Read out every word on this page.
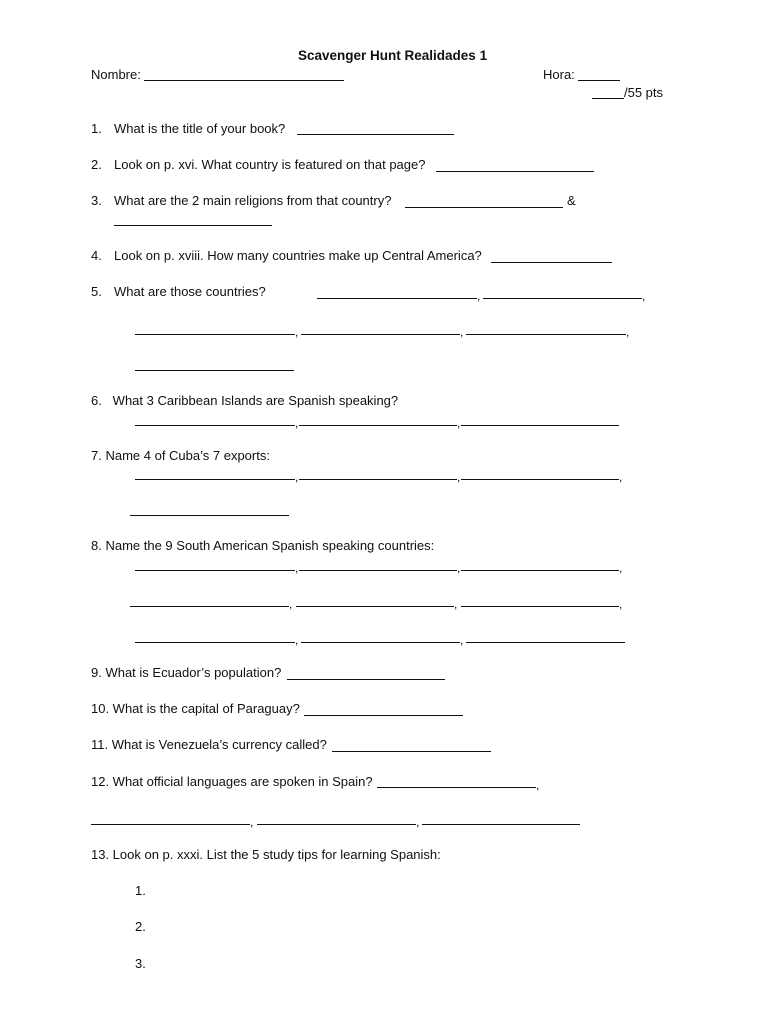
Scavenger Hunt Realidades 1
Nombre:	Hora:
/55 pts
1. What is the title of your book?
2. Look on p. xvi. What country is featured on that page?
3. What are the 2 main religions from that country?	&
4. Look on p. xviii. How many countries make up Central America?
5. What are those countries?	,	,
,	,	,
6.   What 3 Caribbean Islands are Spanish speaking?
,	,
7. Name 4 of Cuba’s 7 exports:
,	,	,
8. Name the 9 South American Spanish speaking countries:
,	,	,
,	,	,
,	,
9. What is Ecuador’s population?
10. What is the capital of Paraguay?
11. What is Venezuela’s currency called?
12. What official languages are spoken in Spain?	,
,	,
13. Look on p. xxxi. List the 5 study tips for learning Spanish:
1.
2.
3.
